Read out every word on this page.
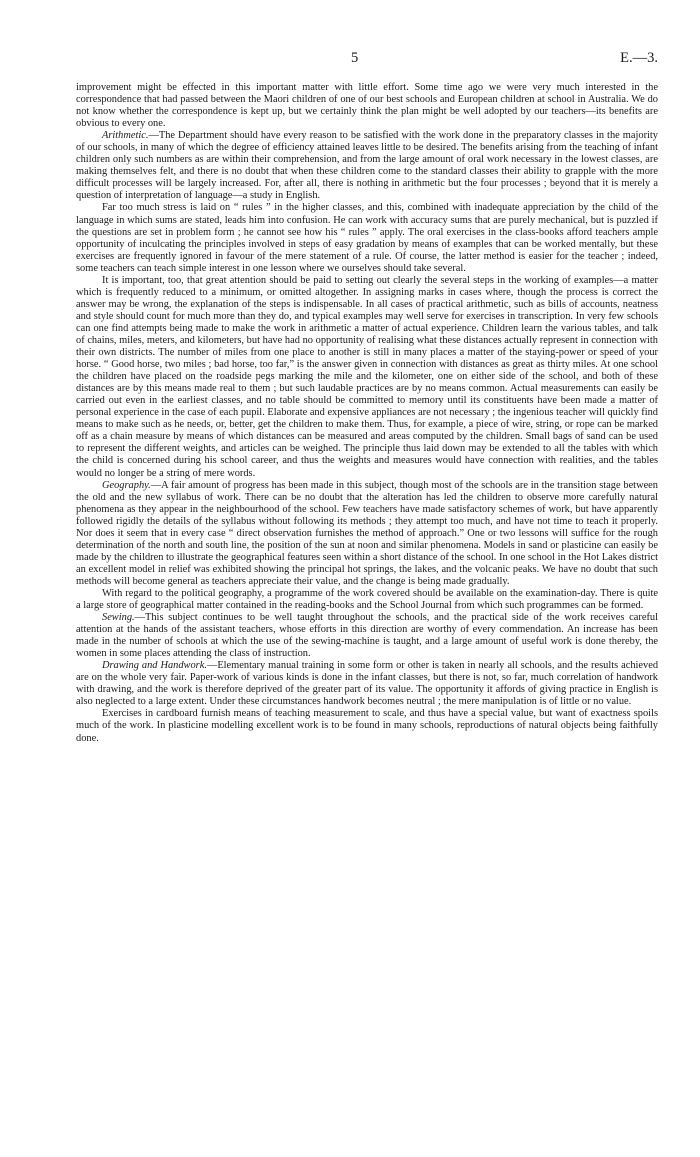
5	E.—3.

improvement might be effected in this important matter with little effort. Some time ago we were very much interested in the correspondence that had passed between the Maori children of one of our best schools and European children at school in Australia. We do not know whether the correspondence is kept up, but we certainly think the plan might be well adopted by our teachers—its benefits are obvious to every one.

Arithmetic.—The Department should have every reason to be satisfied with the work done in the preparatory classes in the majority of our schools, in many of which the degree of efficiency attained leaves little to be desired. The benefits arising from the teaching of infant children only such numbers as are within their comprehension, and from the large amount of oral work necessary in the lowest classes, are making themselves felt, and there is no doubt that when these children come to the standard classes their ability to grapple with the more difficult processes will be largely increased. For, after all, there is nothing in arithmetic but the four processes ; beyond that it is merely a question of interpretation of language—a study in English.

Far too much stress is laid on “ rules ” in the higher classes, and this, combined with inadequate appreciation by the child of the language in which sums are stated, leads him into confusion. He can work with accuracy sums that are purely mechanical, but is puzzled if the questions are set in problem form ; he cannot see how his “ rules ” apply. The oral exercises in the class-books afford teachers ample opportunity of inculcating the principles involved in steps of easy gradation by means of examples that can be worked mentally, but these exercises are frequently ignored in favour of the mere statement of a rule. Of course, the latter method is easier for the teacher ; indeed, some teachers can teach simple interest in one lesson where we ourselves should take several.

It is important, too, that great attention should be paid to setting out clearly the several steps in the working of examples—a matter which is frequently reduced to a minimum, or omitted altogether. In assigning marks in cases where, though the process is correct the answer may be wrong, the explanation of the steps is indispensable. In all cases of practical arithmetic, such as bills of accounts, neatness and style should count for much more than they do, and typical examples may well serve for exercises in transcription. In very few schools can one find attempts being made to make the work in arithmetic a matter of actual experience. Children learn the various tables, and talk of chains, miles, meters, and kilometers, but have had no opportunity of realising what these distances actually represent in connection with their own districts. The number of miles from one place to another is still in many places a matter of the staying-power or speed of your horse. “ Good horse, two miles ; bad horse, too far,” is the answer given in connection with distances as great as thirty miles. At one school the children have placed on the roadside pegs marking the mile and the kilometer, one on either side of the school, and both of these distances are by this means made real to them ; but such laudable practices are by no means common. Actual measurements can easily be carried out even in the earliest classes, and no table should be committed to memory until its constituents have been made a matter of personal experience in the case of each pupil. Elaborate and expensive appliances are not necessary ; the ingenious teacher will quickly find means to make such as he needs, or, better, get the children to make them. Thus, for example, a piece of wire, string, or rope can be marked off as a chain measure by means of which distances can be measured and areas computed by the children. Small bags of sand can be used to represent the different weights, and articles can be weighed. The principle thus laid down may be extended to all the tables with which the child is concerned during his school career, and thus the weights and measures would have connection with realities, and the tables would no longer be a string of mere words.

Geography.—A fair amount of progress has been made in this subject, though most of the schools are in the transition stage between the old and the new syllabus of work. There can be no doubt that the alteration has led the children to observe more carefully natural phenomena as they appear in the neighbourhood of the school. Few teachers have made satisfactory schemes of work, but have apparently followed rigidly the details of the syllabus without following its methods ; they attempt too much, and have not time to teach it properly. Nor does it seem that in every case “ direct observation furnishes the method of approach.” One or two lessons will suffice for the rough determination of the north and south line, the position of the sun at noon and similar phenomena. Models in sand or plasticine can easily be made by the children to illustrate the geographical features seen within a short distance of the school. In one school in the Hot Lakes district an excellent model in relief was exhibited showing the principal hot springs, the lakes, and the volcanic peaks. We have no doubt that such methods will become general as teachers appreciate their value, and the change is being made gradually.

With regard to the political geography, a programme of the work covered should be available on the examination-day. There is quite a large store of geographical matter contained in the reading-books and the School Journal from which such programmes can be formed.

Sewing.—This subject continues to be well taught throughout the schools, and the practical side of the work receives careful attention at the hands of the assistant teachers, whose efforts in this direction are worthy of every commendation. An increase has been made in the number of schools at which the use of the sewing-machine is taught, and a large amount of useful work is done thereby, the women in some places attending the class of instruction.

Drawing and Handwork.—Elementary manual training in some form or other is taken in nearly all schools, and the results achieved are on the whole very fair. Paper-work of various kinds is done in the infant classes, but there is not, so far, much correlation of handwork with drawing, and the work is therefore deprived of the greater part of its value. The opportunity it affords of giving practice in English is also neglected to a large extent. Under these circumstances handwork becomes neutral ; the mere manipulation is of little or no value.

Exercises in cardboard furnish means of teaching measurement to scale, and thus have a special value, but want of exactness spoils much of the work. In plasticine modelling excellent work is to be found in many schools, reproductions of natural objects being faithfully done.
